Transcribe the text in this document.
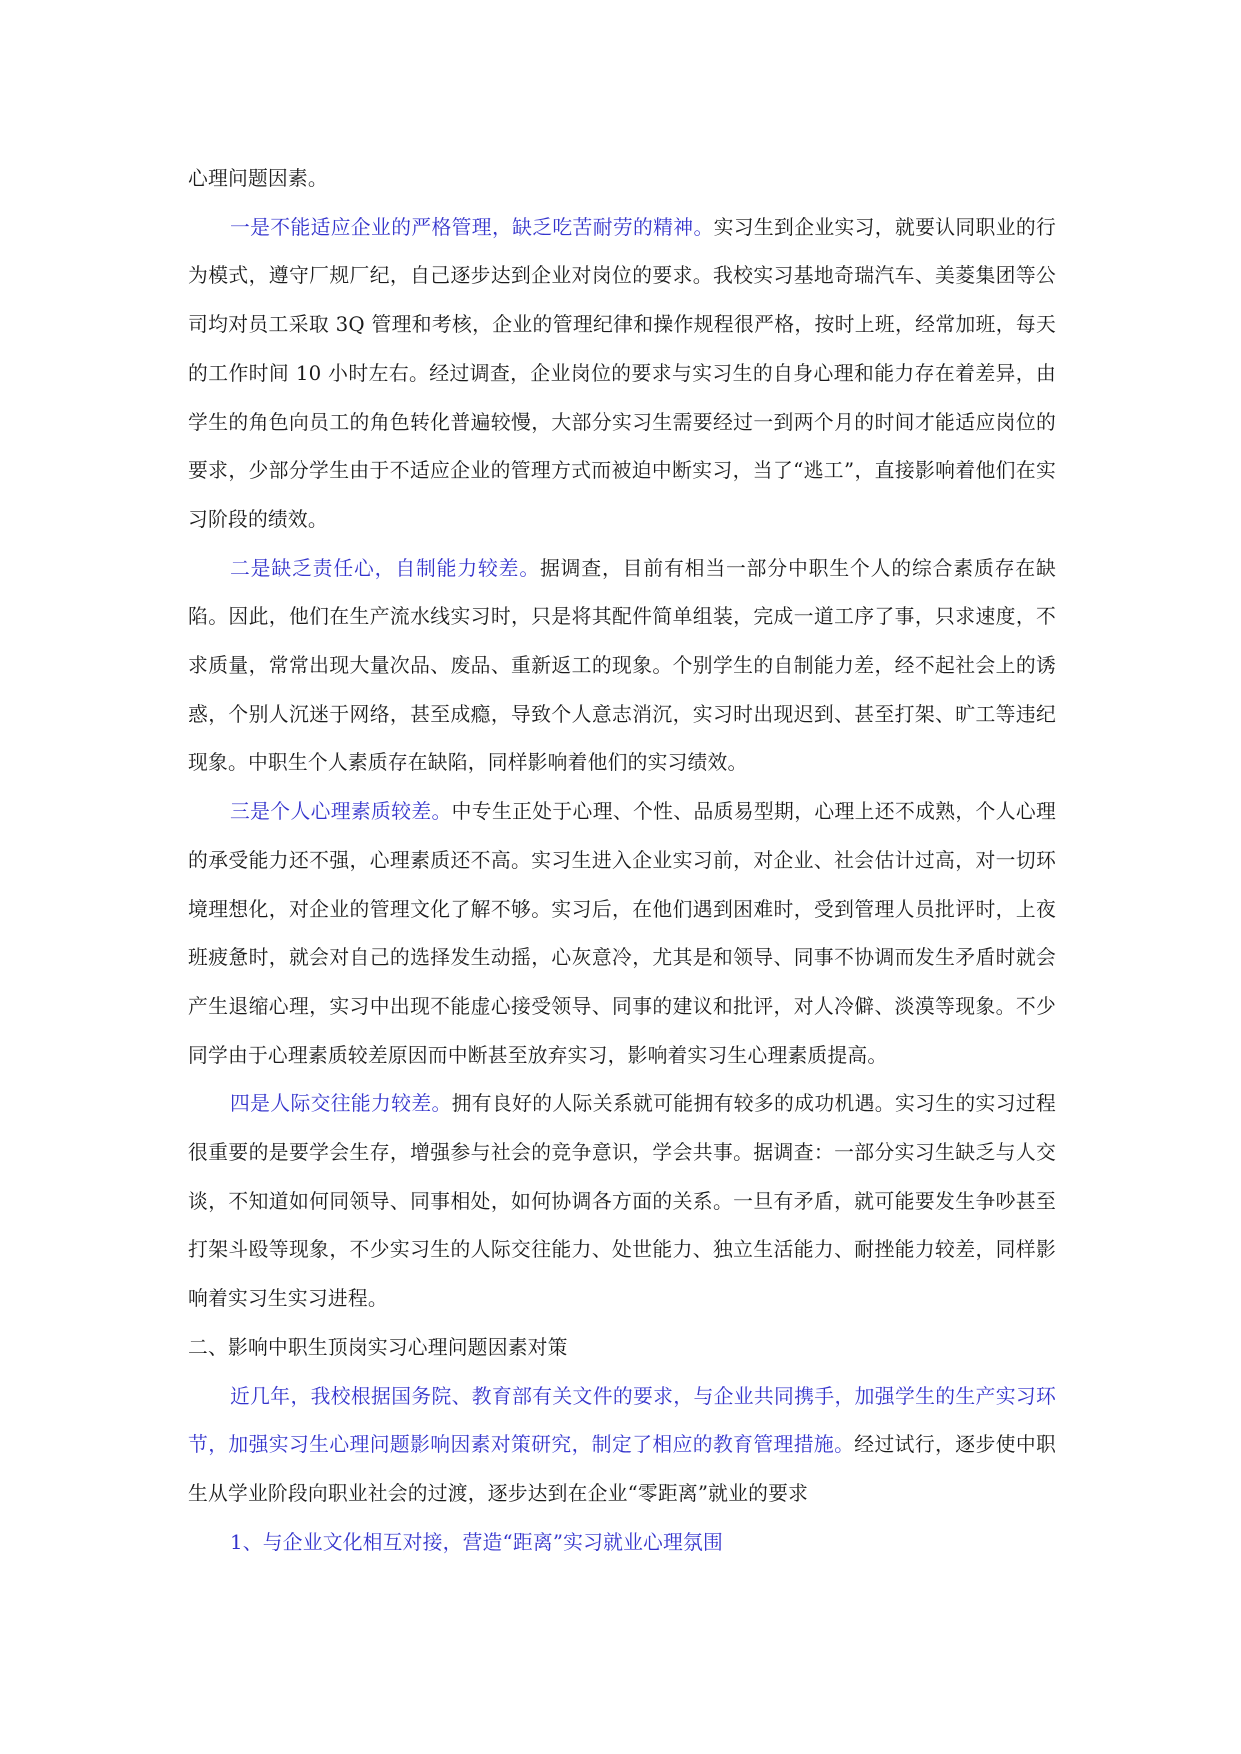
心理问题因素。

一是不能适应企业的严格管理，缺乏吃苦耐劳的精神。实习生到企业实习，就要认同职业的行为模式，遵守厂规厂纪，自己逐步达到企业对岗位的要求。我校实习基地奇瑞汽车、美菱集团等公司均对员工采取 3Q 管理和考核，企业的管理纪律和操作规程很严格，按时上班，经常加班，每天的工作时间 10 小时左右。经过调查，企业岗位的要求与实习生的自身心理和能力存在着差异，由学生的角色向员工的角色转化普遍较慢，大部分实习生需要经过一到两个月的时间才能适应岗位的要求，少部分学生由于不适应企业的管理方式而被迫中断实习，当了“逃工”，直接影响着他们在实习阶段的绩效。

二是缺乏责任心，自制能力较差。据调查，目前有相当一部分中职生个人的综合素质存在缺陷。因此，他们在生产流水线实习时，只是将其配件简单组装，完成一道工序了事，只求速度，不求质量，常常出现大量次品、废品、重新返工的现象。个别学生的自制能力差，经不起社会上的诱惑，个别人沉迷于网络，甚至成瘾，导致个人意志消沉，实习时出现迟到、甚至打架、旷工等违纪现象。中职生个人素质存在缺陷，同样影响着他们的实习绩效。

三是个人心理素质较差。中专生正处于心理、个性、品质易型期，心理上还不成熟，个人心理的承受能力还不强，心理素质还不高。实习生进入企业实习前，对企业、社会估计过高，对一切环境理想化，对企业的管理文化了解不够。实习后，在他们遇到困难时，受到管理人员批评时，上夜班疲惫时，就会对自己的选择发生动摇，心灰意冷，尤其是和领导、同事不协调而发生矛盾时就会产生退缩心理，实习中出现不能虚心接受领导、同事的建议和批评，对人冷僻、淡漠等现象。不少同学由于心理素质较差原因而中断甚至放弃实习，影响着实习生心理素质提高。

四是人际交往能力较差。拥有良好的人际关系就可能拥有较多的成功机遇。实习生的实习过程很重要的是要学会生存，增强参与社会的竞争意识，学会共事。据调查：一部分实习生缺乏与人交谈，不知道如何同领导、同事相处，如何协调各方面的关系。一旦有矛盾，就可能要发生争吵甚至打架斗殴等现象，不少实习生的人际交往能力、处世能力、独立生活能力、耐挫能力较差，同样影响着实习生实习进程。

二、影响中职生顶岗实习心理问题因素对策

近几年，我校根据国务院、教育部有关文件的要求，与企业共同携手，加强学生的生产实习环节，加强实习生心理问题影响因素对策研究，制定了相应的教育管理措施。经过试行，逐步使中职生从学业阶段向职业社会的过渡，逐步达到在企业“零距离”就业的要求

1、与企业文化相互对接，营造“距离”实习就业心理氛围
